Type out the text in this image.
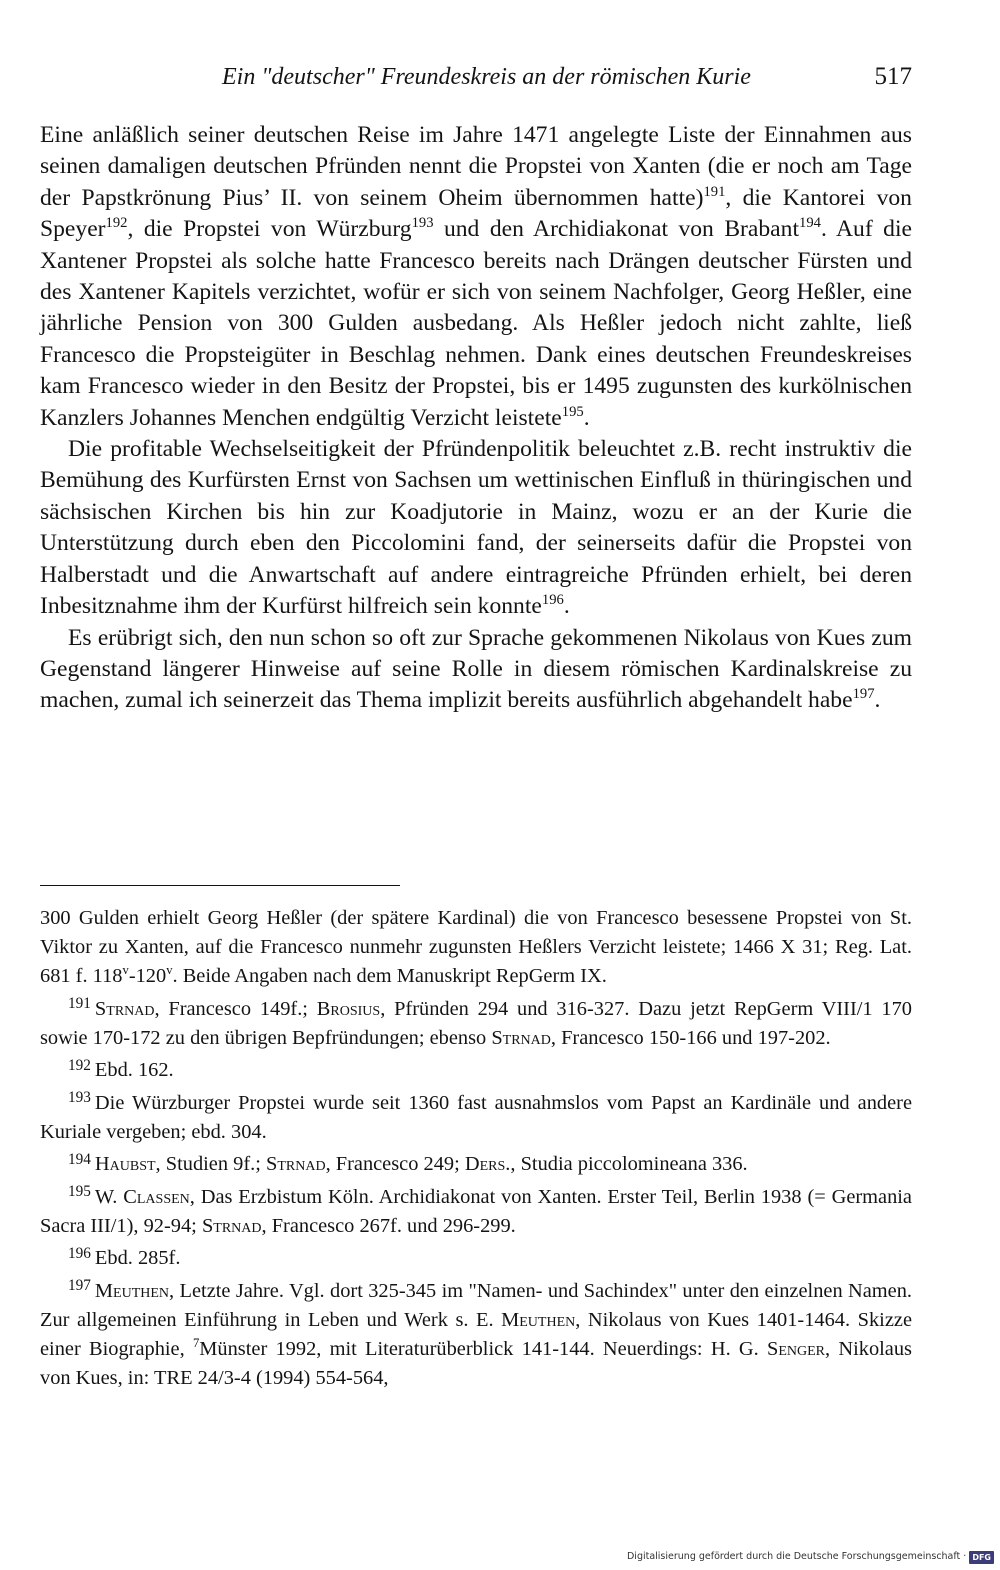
Ein "deutscher" Freundeskreis an der römischen Kurie	517

Eine anläßlich seiner deutschen Reise im Jahre 1471 angelegte Liste der Einnahmen aus seinen damaligen deutschen Pfründen nennt die Propstei von Xanten (die er noch am Tage der Papstkrönung Pius’ II. von seinem Oheim übernommen hatte)$^{191}$, die Kantorei von Speyer$^{192}$, die Propstei von Würzburg$^{193}$ und den Archidiakonat von Brabant$^{194}$. Auf die Xantener Propstei als solche hatte Francesco bereits nach Drängen deutscher Fürsten und des Xantener Kapitels verzichtet, wofür er sich von seinem Nachfolger, Georg Heßler, eine jährliche Pension von 300 Gulden ausbedang. Als Heßler jedoch nicht zahlte, ließ Francesco die Propsteigüter in Beschlag nehmen. Dank eines deutschen Freundeskreises kam Francesco wieder in den Besitz der Propstei, bis er 1495 zugunsten des kurkölnischen Kanzlers Johannes Menchen endgültig Verzicht leistete$^{195}$.

Die profitable Wechselseitigkeit der Pfründenpolitik beleuchtet z.B. recht instruktiv die Bemühung des Kurfürsten Ernst von Sachsen um wettinischen Einfluß in thüringischen und sächsischen Kirchen bis hin zur Koadjutorie in Mainz, wozu er an der Kurie die Unterstützung durch eben den Piccolomini fand, der seinerseits dafür die Propstei von Halberstadt und die Anwartschaft auf andere eintragreiche Pfründen erhielt, bei deren Inbesitznahme ihm der Kurfürst hilfreich sein konnte$^{196}$.

Es erübrigt sich, den nun schon so oft zur Sprache gekommenen Nikolaus von Kues zum Gegenstand längerer Hinweise auf seine Rolle in diesem römischen Kardinalskreise zu machen, zumal ich seinerzeit das Thema implizit bereits ausführlich abgehandelt habe$^{197}$.

300 Gulden erhielt Georg Heßler (der spätere Kardinal) die von Francesco besessene Propstei von St. Viktor zu Xanten, auf die Francesco nunmehr zugunsten Heßlers Verzicht leistete; 1466 X 31; Reg. Lat. 681 f. 118$^v$-120$^v$. Beide Angaben nach dem Manuskript RepGerm IX.

$^{191}$ Strnad, Francesco 149f.; Brosius, Pfründen 294 und 316-327. Dazu jetzt RepGerm VIII/1 170 sowie 170-172 zu den übrigen Bepfründungen; ebenso Strnad, Francesco 150-166 und 197-202.

$^{192}$ Ebd. 162.

$^{193}$ Die Würzburger Propstei wurde seit 1360 fast ausnahmslos vom Papst an Kardinäle und andere Kuriale vergeben; ebd. 304.

$^{194}$ Haubst, Studien 9f.; Strnad, Francesco 249; Ders., Studia piccolomineana 336.

$^{195}$ W. Classen, Das Erzbistum Köln. Archidiakonat von Xanten. Erster Teil, Berlin 1938 (= Germania Sacra III/1), 92-94; Strnad, Francesco 267f. und 296-299.

$^{196}$ Ebd. 285f.

$^{197}$ Meuthen, Letzte Jahre. Vgl. dort 325-345 im "Namen- und Sachindex" unter den einzelnen Namen. Zur allgemeinen Einführung in Leben und Werk s. E. Meuthen, Nikolaus von Kues 1401-1464. Skizze einer Biographie, $^7$Münster 1992, mit Literaturüberblick 141-144. Neuerdings: H. G. Senger, Nikolaus von Kues, in: TRE 24/3-4 (1994) 554-564,

Digitalisierung gefördert durch die Deutsche Forschungsgemeinschaft · DFG
